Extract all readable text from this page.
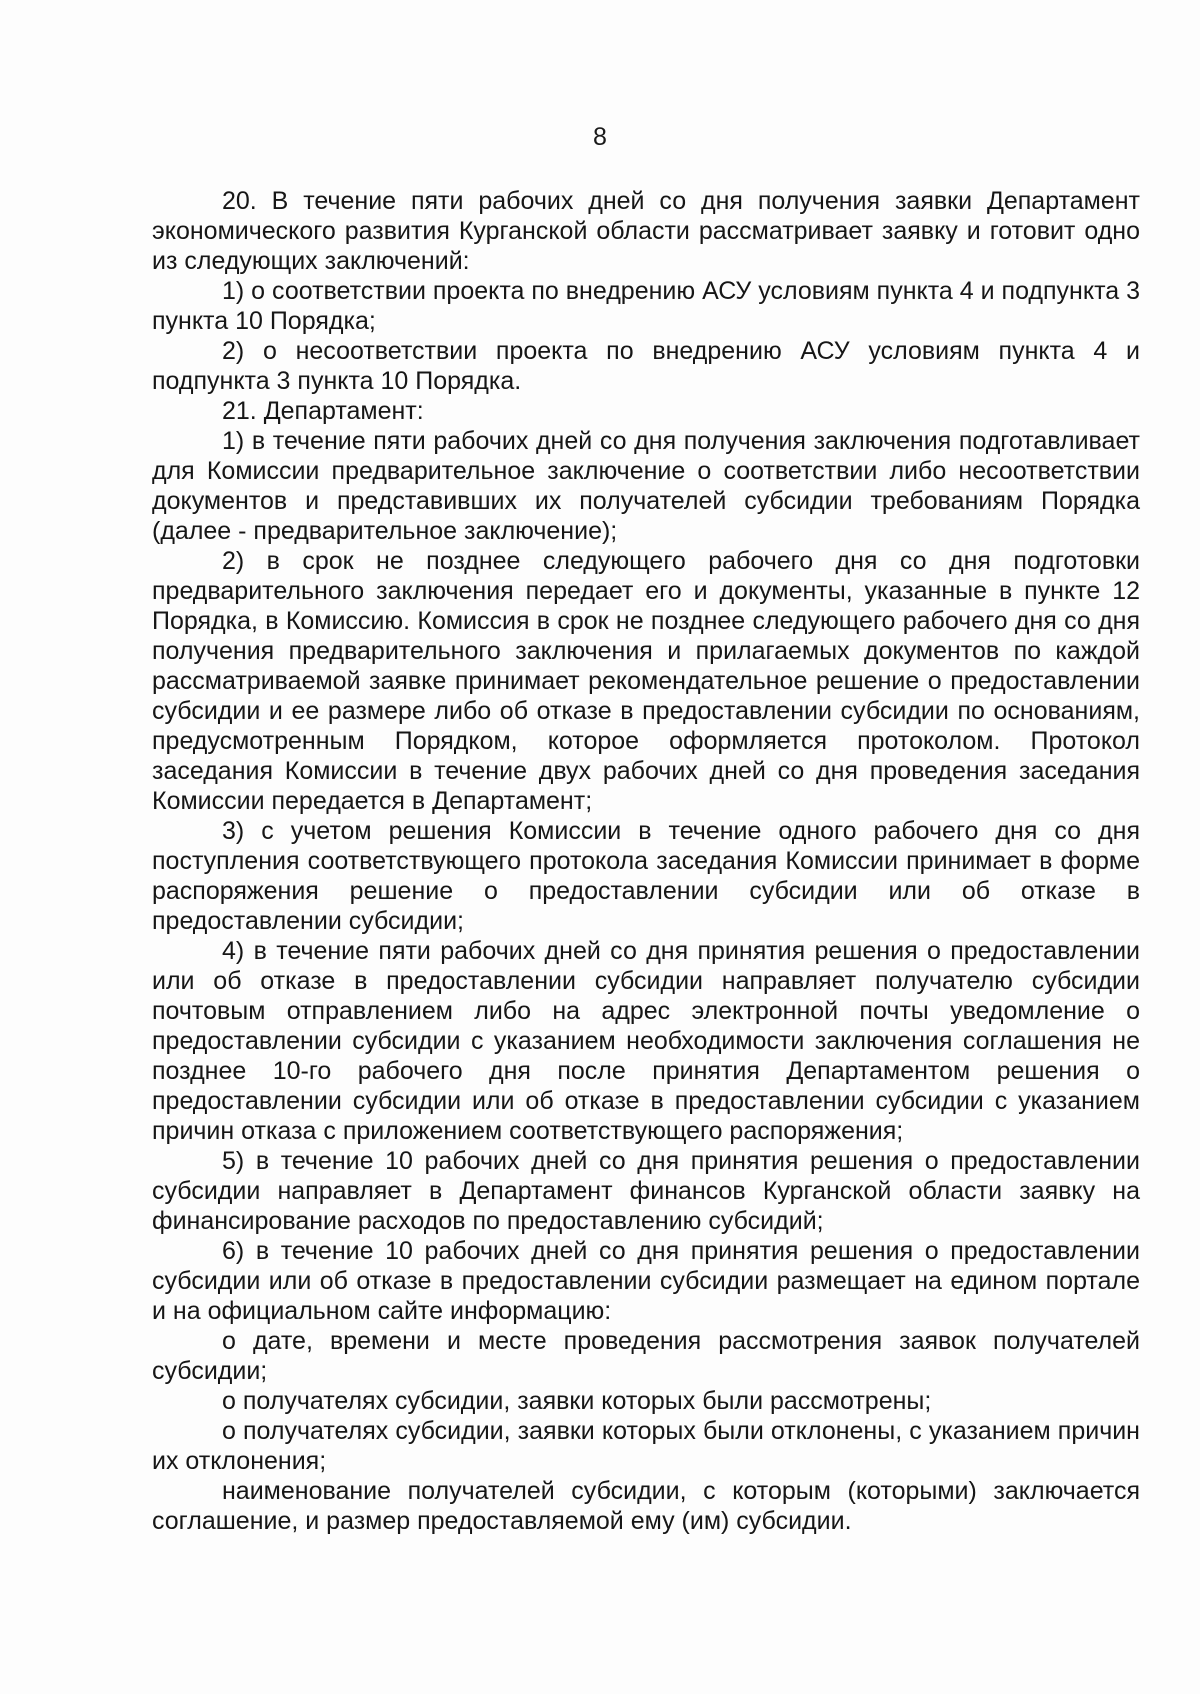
8

20. В течение пяти рабочих дней со дня получения заявки Департамент экономического развития Курганской области рассматривает заявку и готовит одно из следующих заключений:

1) о соответствии проекта по внедрению АСУ условиям пункта 4 и подпункта 3 пункта 10 Порядка;

2) о несоответствии проекта по внедрению АСУ условиям пункта 4 и подпункта 3 пункта 10 Порядка.

21. Департамент:

1) в течение пяти рабочих дней со дня получения заключения подготавливает для Комиссии предварительное заключение о соответствии либо несоответствии документов и представивших их получателей субсидии требованиям Порядка (далее - предварительное заключение);

2) в срок не позднее следующего рабочего дня со дня подготовки предварительного заключения передает его и документы, указанные в пункте 12 Порядка, в Комиссию. Комиссия в срок не позднее следующего рабочего дня со дня получения предварительного заключения и прилагаемых документов по каждой рассматриваемой заявке принимает рекомендательное решение о предоставлении субсидии и ее размере либо об отказе в предоставлении субсидии по основаниям, предусмотренным Порядком, которое оформляется протоколом. Протокол заседания Комиссии в течение двух рабочих дней со дня проведения заседания Комиссии передается в Департамент;

3) с учетом решения Комиссии в течение одного рабочего дня со дня поступления соответствующего протокола заседания Комиссии принимает в форме распоряжения решение о предоставлении субсидии или об отказе в предоставлении субсидии;

4) в течение пяти рабочих дней со дня принятия решения о предоставлении или об отказе в предоставлении субсидии направляет получателю субсидии почтовым отправлением либо на адрес электронной почты уведомление о предоставлении субсидии с указанием необходимости заключения соглашения не позднее 10-го рабочего дня после принятия Департаментом решения о предоставлении субсидии или об отказе в предоставлении субсидии с указанием причин отказа с приложением соответствующего распоряжения;

5) в течение 10 рабочих дней со дня принятия решения о предоставлении субсидии направляет в Департамент финансов Курганской области заявку на финансирование расходов по предоставлению субсидий;

6) в течение 10 рабочих дней со дня принятия решения о предоставлении субсидии или об отказе в предоставлении субсидии размещает на едином портале и на официальном сайте информацию:

о дате, времени и месте проведения рассмотрения заявок получателей субсидии;

о получателях субсидии, заявки которых были рассмотрены;

о получателях субсидии, заявки которых были отклонены, с указанием причин их отклонения;

наименование получателей субсидии, с которым (которыми) заключается соглашение, и размер предоставляемой ему (им) субсидии.
